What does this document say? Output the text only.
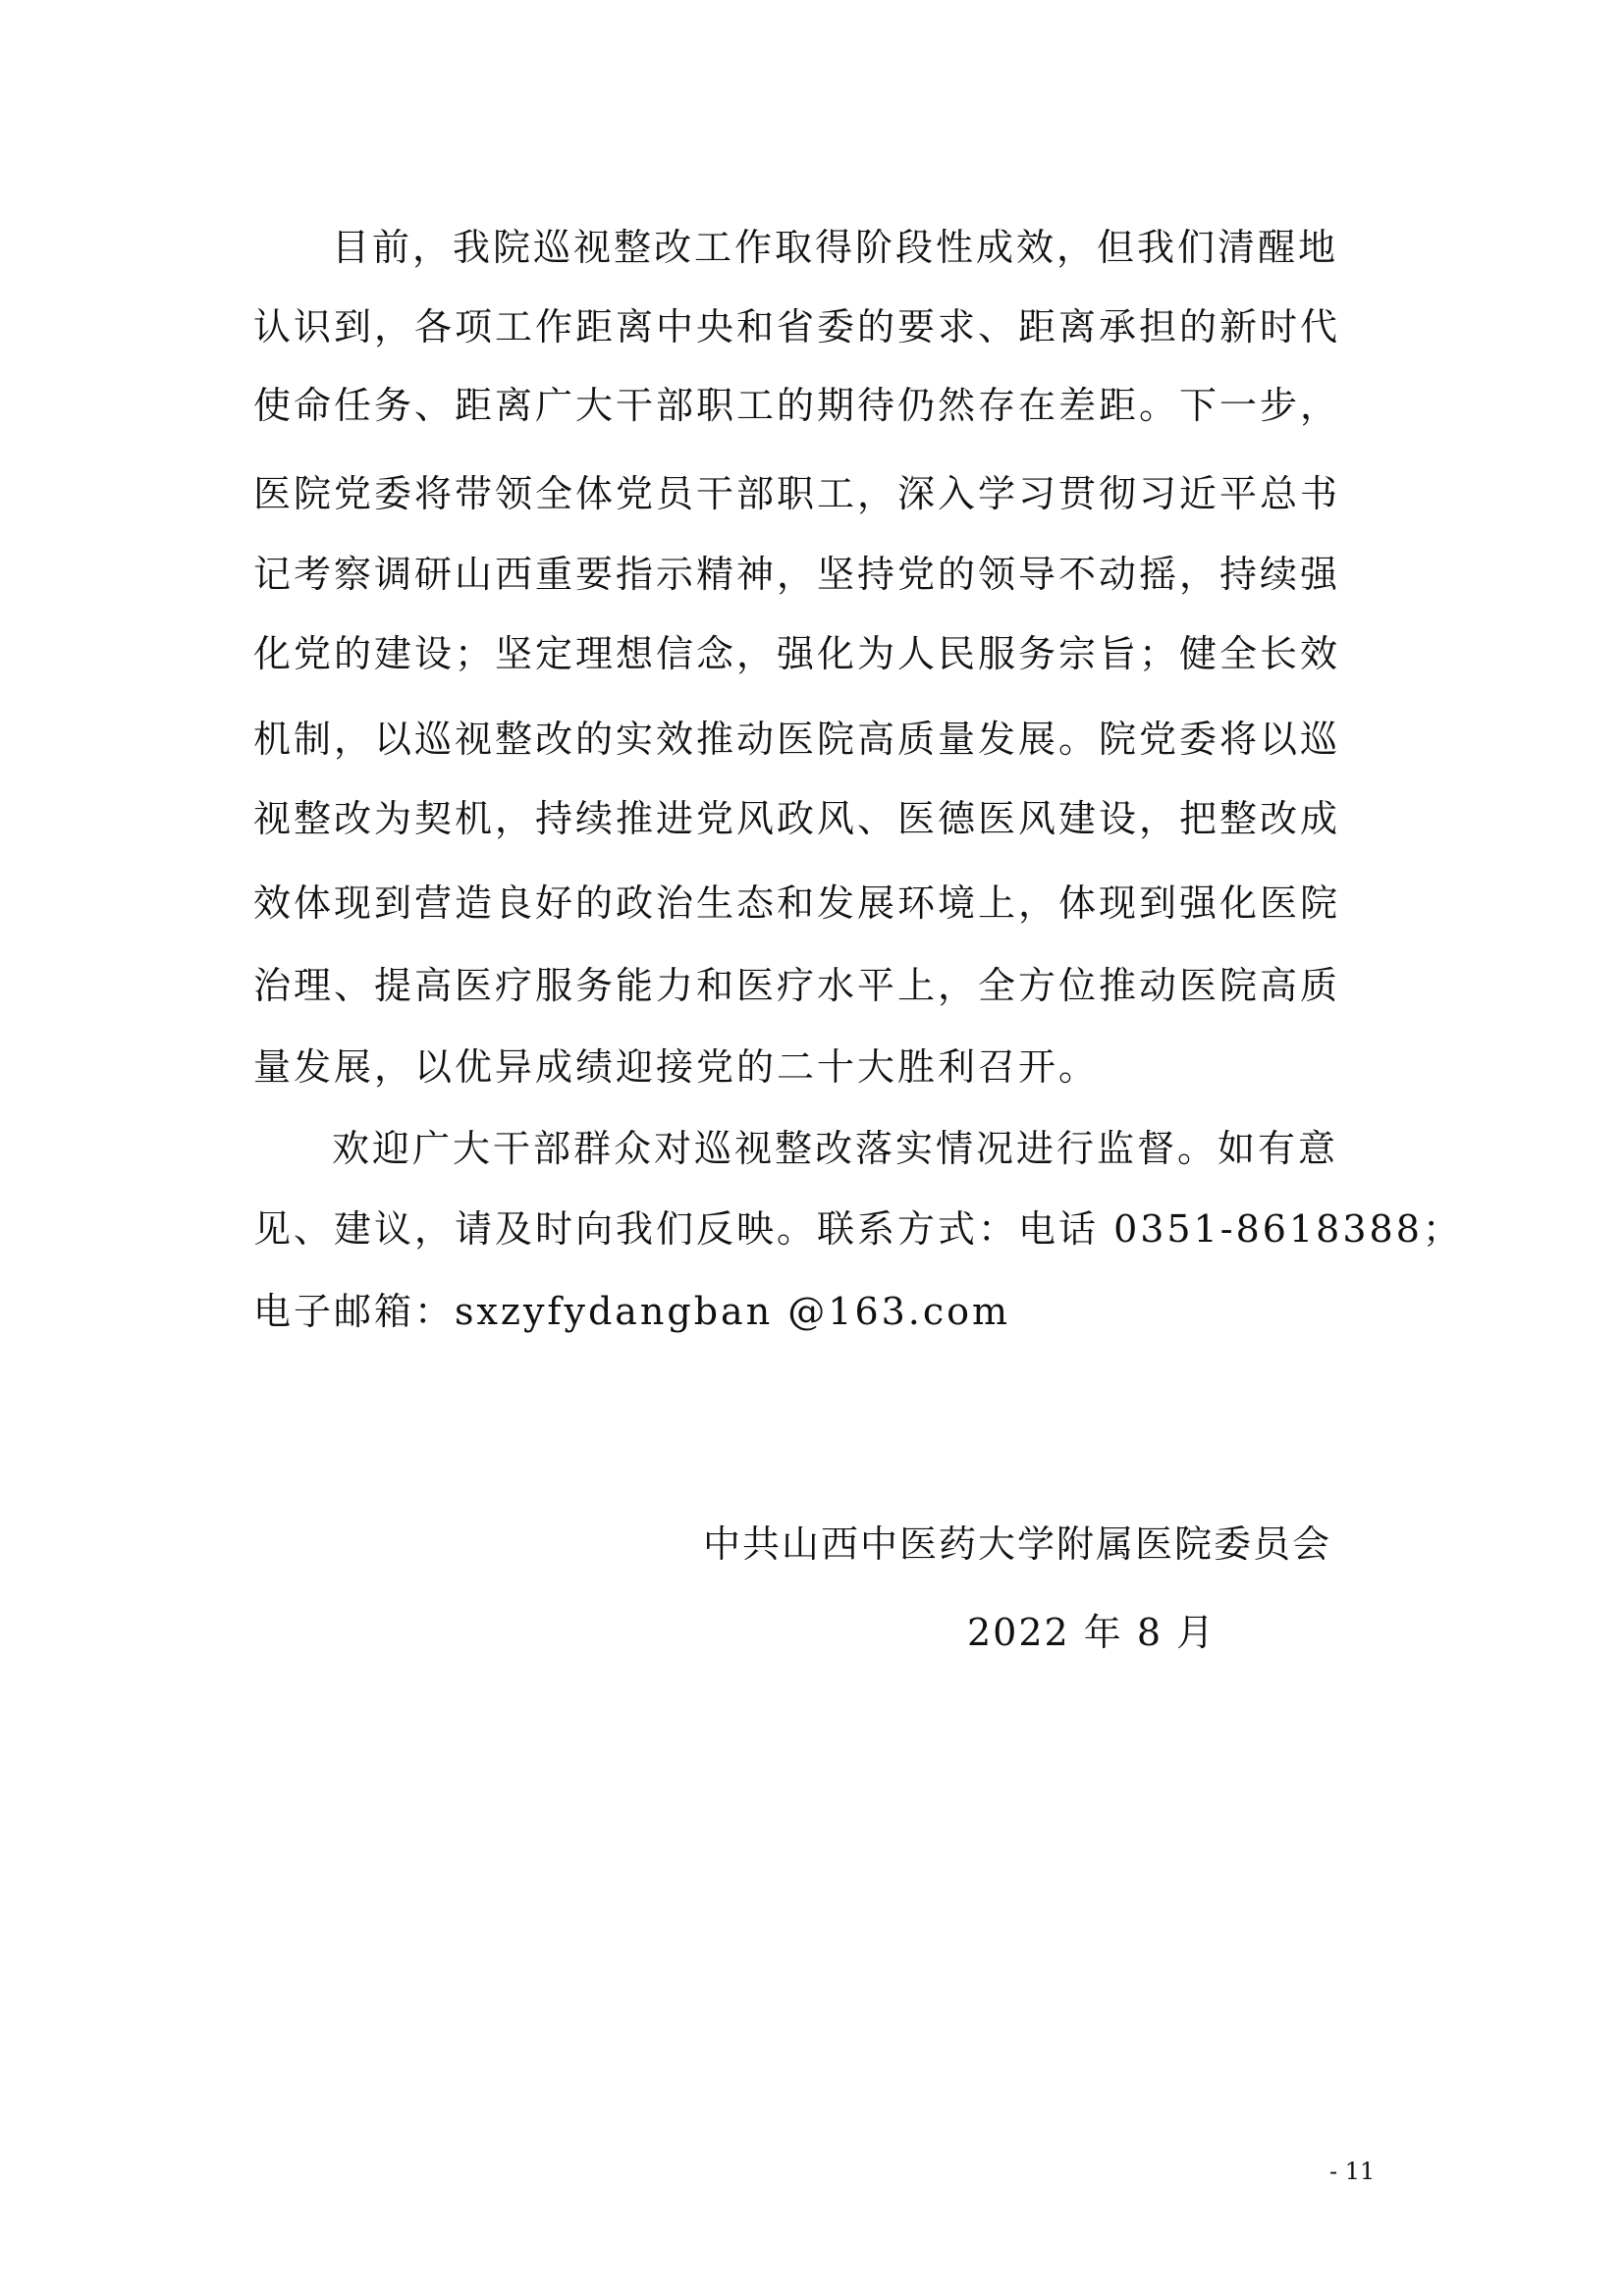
目前，我院巡视整改工作取得阶段性成效，但我们清醒地
认识到，各项工作距离中央和省委的要求、距离承担的新时代
使命任务、距离广大干部职工的期待仍然存在差距。下一步，
医院党委将带领全体党员干部职工，深入学习贯彻习近平总书
记考察调研山西重要指示精神，坚持党的领导不动摇，持续强
化党的建设；坚定理想信念，强化为人民服务宗旨；健全长效
机制，以巡视整改的实效推动医院高质量发展。院党委将以巡
视整改为契机，持续推进党风政风、医德医风建设，把整改成
效体现到营造良好的政治生态和发展环境上，体现到强化医院
治理、提高医疗服务能力和医疗水平上，全方位推动医院高质
量发展，以优异成绩迎接党的二十大胜利召开。
欢迎广大干部群众对巡视整改落实情况进行监督。如有意
见、建议，请及时向我们反映。联系方式：电话 0351-8618388；
电子邮箱：sxzyfydangban @163.com
中共山西中医药大学附属医院委员会
2022 年 8 月
- 11
